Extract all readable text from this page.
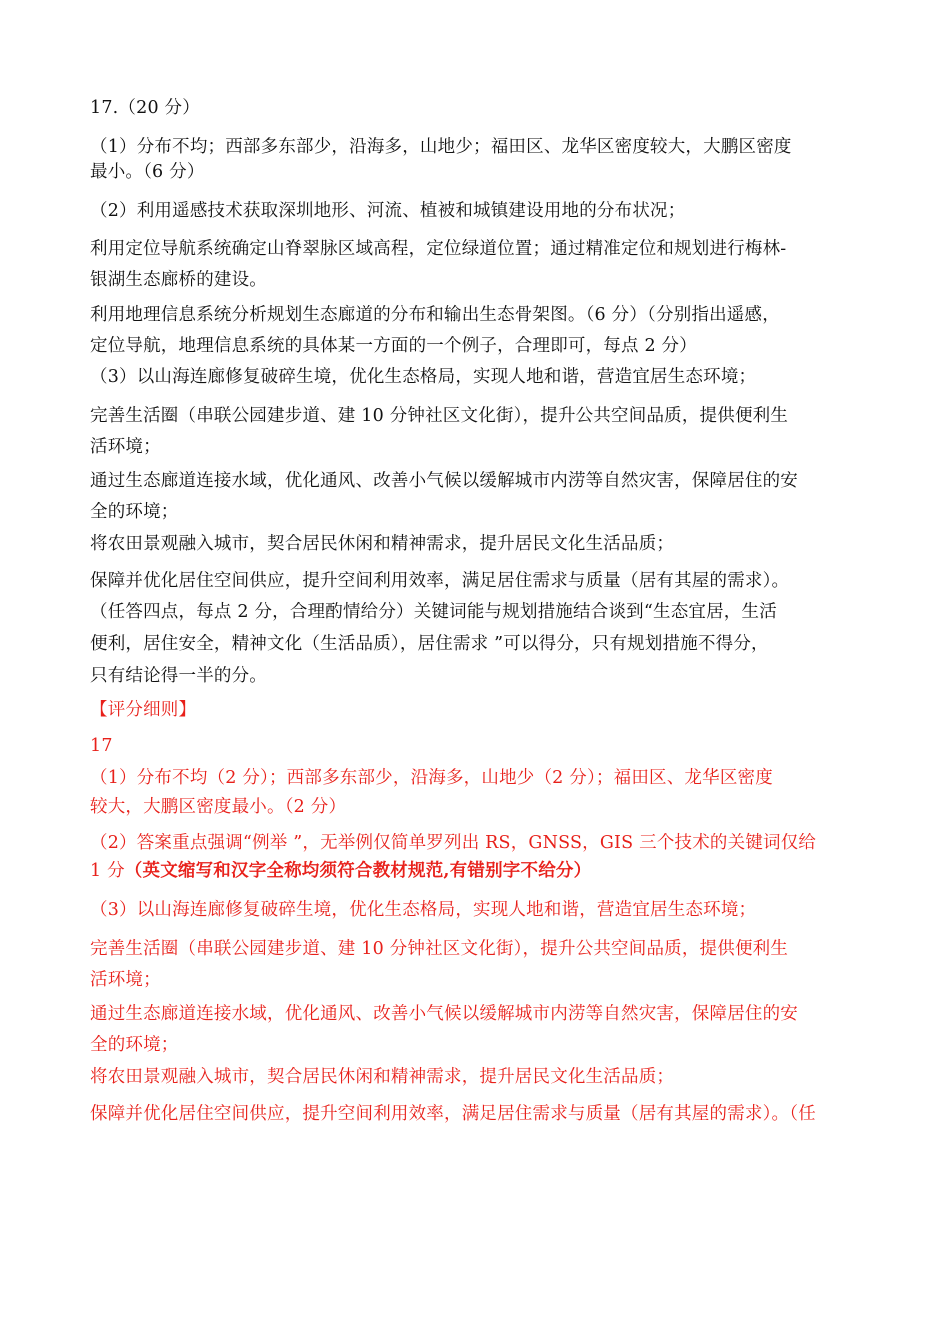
17.（20 分）
（1）分布不均；西部多东部少，沿海多，山地少；福田区、龙华区密度较大，大鹏区密度
最小。（6 分）
（2）利用遥感技术获取深圳地形、河流、植被和城镇建设用地的分布状况；
利用定位导航系统确定山脊翠脉区域高程，定位绿道位置；通过精准定位和规划进行梅林-
银湖生态廊桥的建设。
利用地理信息系统分析规划生态廊道的分布和输出生态骨架图。（6 分）（分别指出遥感，
定位导航，地理信息系统的具体某一方面的一个例子，合理即可，每点 2 分）
（3）以山海连廊修复破碎生境，优化生态格局，实现人地和谐，营造宜居生态环境；
完善生活圈（串联公园建步道、建 10 分钟社区文化街），提升公共空间品质，提供便利生
活环境；
通过生态廊道连接水域，优化通风、改善小气候以缓解城市内涝等自然灾害，保障居住的安
全的环境；
将农田景观融入城市，契合居民休闲和精神需求，提升居民文化生活品质；
保障并优化居住空间供应，提升空间利用效率，满足居住需求与质量（居有其屋的需求）。
（任答四点，每点 2 分，合理酌情给分）关键词能与规划措施结合谈到“生态宜居，生活
便利，居住安全，精神文化（生活品质），居住需求 ”可以得分，只有规划措施不得分，
只有结论得一半的分。
【评分细则】
17
（1）分布不均（2 分）；西部多东部少，沿海多，山地少（2 分）；福田区、龙华区密度
较大，大鹏区密度最小。（2 分）
（2）答案重点强调“例举 ”，无举例仅简单罗列出 RS，GNSS，GIS 三个技术的关键词仅给
1 分（英文缩写和汉字全称均须符合教材规范,有错别字不给分）
（3）以山海连廊修复破碎生境，优化生态格局，实现人地和谐，营造宜居生态环境；
完善生活圈（串联公园建步道、建 10 分钟社区文化街），提升公共空间品质，提供便利生
活环境；
通过生态廊道连接水域，优化通风、改善小气候以缓解城市内涝等自然灾害，保障居住的安
全的环境；
将农田景观融入城市，契合居民休闲和精神需求，提升居民文化生活品质；
保障并优化居住空间供应，提升空间利用效率，满足居住需求与质量（居有其屋的需求）。（任
